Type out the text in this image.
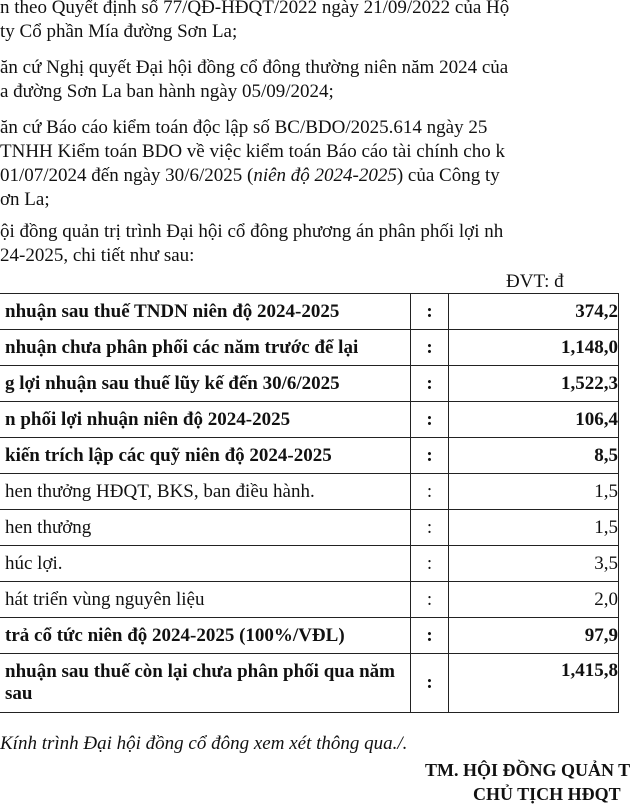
n theo Quyết định số 77/QĐ-HĐQT/2022 ngày 21/09/2022 của Hộ
ty Cổ phần Mía đường Sơn La;
ăn cứ Nghị quyết Đại hội đồng cổ đông thường niên năm 2024 của
a đường Sơn La ban hành ngày 05/09/2024;
ăn cứ Báo cáo kiểm toán độc lập số BC/BDO/2025.614 ngày 25
TNHH Kiểm toán BDO về việc kiểm toán Báo cáo tài chính cho k
01/07/2024 đến ngày 30/6/2025 (niên độ 2024-2025) của Công ty
ơn La;
ội đồng quản trị trình Đại hội cổ đông phương án phân phối lợi nh
24-2025, chi tiết như sau:
ĐVT: đ
nhuận sau thuế TNDN niên độ 2024-2025	:	374,2
nhuận chưa phân phối các năm trước để lại	:	1,148,0
g lợi nhuận sau thuế lũy kế đến 30/6/2025	:	1,522,3
n phối lợi nhuận niên độ 2024-2025	:	106,4
kiến trích lập các quỹ niên độ 2024-2025	:	8,5
hen thưởng HĐQT, BKS, ban điều hành.	:	1,5
hen thưởng	:	1,5
húc lợi.	:	3,5
hát triển vùng nguyên liệu	:	2,0
trả cổ tức niên độ 2024-2025 (100%/VĐL)	:	97,9
nhuận sau thuế còn lại chưa phân phối qua năm sau	:	1,415,8
Kính trình Đại hội đồng cổ đông xem xét thông qua./.
TM. HỘI ĐỒNG QUẢN T
CHỦ TỊCH HĐQT
